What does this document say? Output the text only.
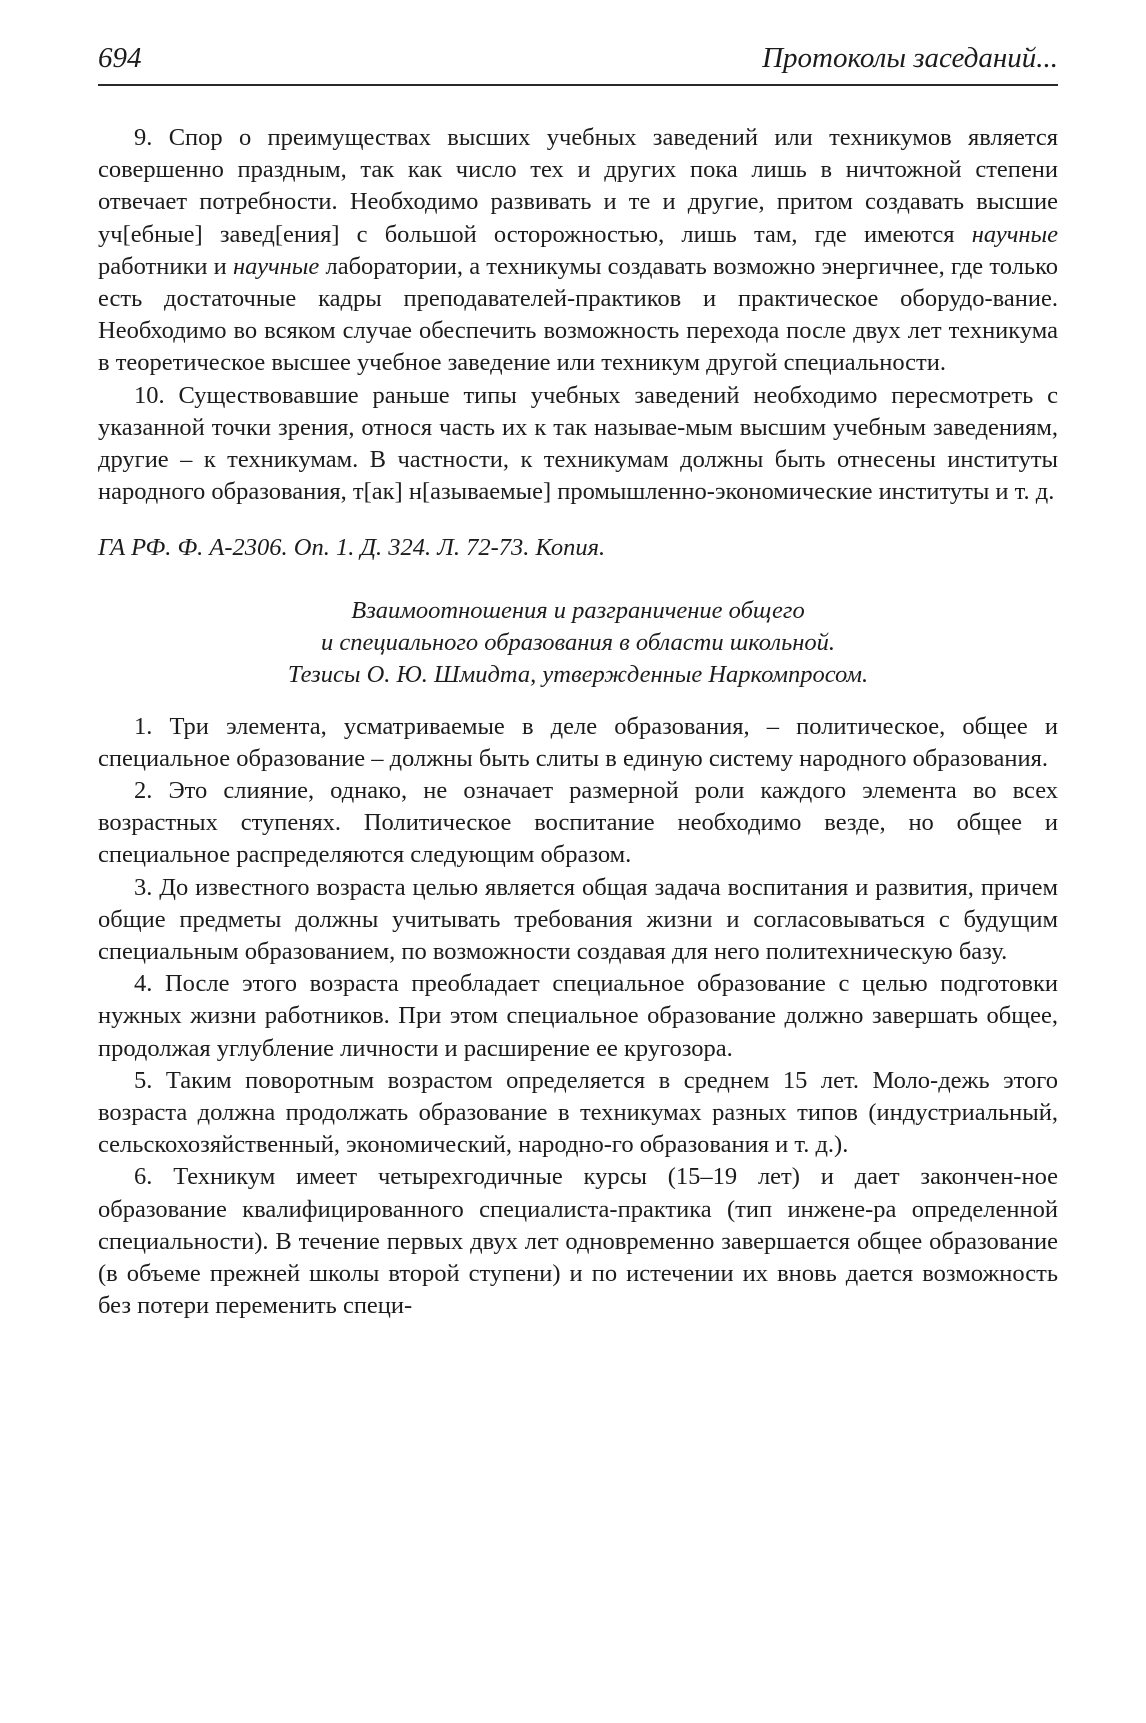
694	Протоколы заседаний...

9. Спор о преимуществах высших учебных заведений или техникумов является совершенно праздным, так как число тех и других пока лишь в ничтожной степени отвечает потребности. Необходимо развивать и те и другие, притом создавать высшие уч[ебные] завед[ения] с большой осторожностью, лишь там, где имеются научные работники и научные лаборатории, а техникумы создавать возможно энергичнее, где только есть достаточные кадры преподавателей-практиков и практическое оборудо-вание. Необходимо во всяком случае обеспечить возможность перехода после двух лет техникума в теоретическое высшее учебное заведение или техникум другой специальности.

10. Существовавшие раньше типы учебных заведений необходимо пересмотреть с указанной точки зрения, относя часть их к так называе-мым высшим учебным заведениям, другие – к техникумам. В частности, к техникумам должны быть отнесены институты народного образования, т[ак] н[азываемые] промышленно-экономические институты и т. д.

ГА РФ. Ф. А-2306. Оп. 1. Д. 324. Л. 72-73. Копия.

Взаимоотношения и разграничение общего
и специального образования в области школьной.
Тезисы О. Ю. Шмидта, утвержденные Наркомпросом.

1. Три элемента, усматриваемые в деле образования, – политическое, общее и специальное образование – должны быть слиты в единую систему народного образования.

2. Это слияние, однако, не означает размерной роли каждого элемента во всех возрастных ступенях. Политическое воспитание необходимо везде, но общее и специальное распределяются следующим образом.

3. До известного возраста целью является общая задача воспитания и развития, причем общие предметы должны учитывать требования жизни и согласовываться с будущим специальным образованием, по возможности создавая для него политехническую базу.

4. После этого возраста преобладает специальное образование с целью подготовки нужных жизни работников. При этом специальное образование должно завершать общее, продолжая углубление личности и расширение ее кругозора.

5. Таким поворотным возрастом определяется в среднем 15 лет. Моло-дежь этого возраста должна продолжать образование в техникумах разных типов (индустриальный, сельскохозяйственный, экономический, народно-го образования и т. д.).

6. Техникум имеет четырехгодичные курсы (15–19 лет) и дает закончен-ное образование квалифицированного специалиста-практика (тип инжене-ра определенной специальности). В течение первых двух лет одновременно завершается общее образование (в объеме прежней школы второй ступени) и по истечении их вновь дается возможность без потери переменить специ-
